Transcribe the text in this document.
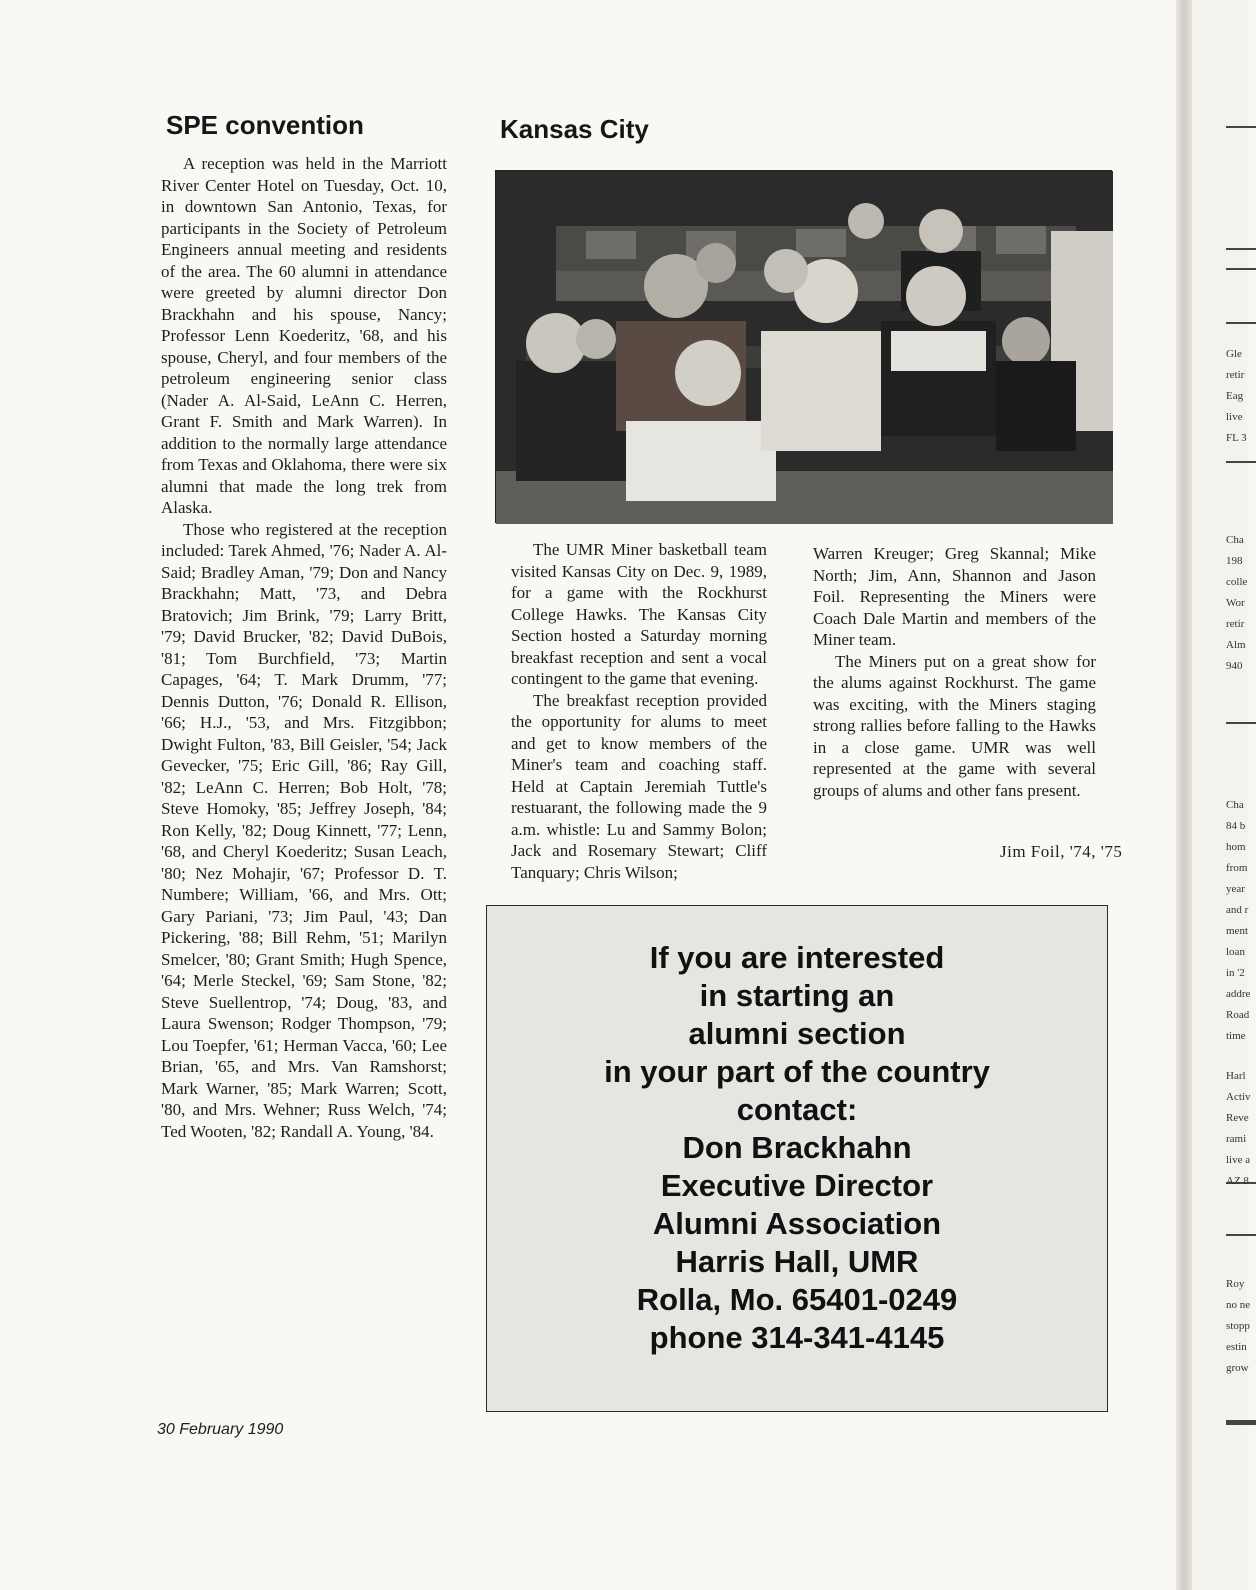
SPE convention

A reception was held in the Marriott River Center Hotel on Tuesday, Oct. 10, in downtown San Antonio, Texas, for participants in the Society of Petroleum Engineers annual meeting and residents of the area. The 60 alumni in attendance were greeted by alumni director Don Brackhahn and his spouse, Nancy; Professor Lenn Koederitz, '68, and his spouse, Cheryl, and four members of the petroleum engineering senior class (Nader A. Al-Said, LeAnn C. Herren, Grant F. Smith and Mark Warren). In addition to the normally large attendance from Texas and Oklahoma, there were six alumni that made the long trek from Alaska.

Those who registered at the reception included: Tarek Ahmed, '76; Nader A. Al-Said; Bradley Aman, '79; Don and Nancy Brackhahn; Matt, '73, and Debra Bratovich; Jim Brink, '79; Larry Britt, '79; David Brucker, '82; David DuBois, '81; Tom Burchfield, '73; Martin Capages, '64; T. Mark Drumm, '77; Dennis Dutton, '76; Donald R. Ellison, '66; H.J., '53, and Mrs. Fitzgibbon; Dwight Fulton, '83, Bill Geisler, '54; Jack Gevecker, '75; Eric Gill, '86; Ray Gill, '82; LeAnn C. Herren; Bob Holt, '78; Steve Homoky, '85; Jeffrey Joseph, '84; Ron Kelly, '82; Doug Kinnett, '77; Lenn, '68, and Cheryl Koederitz; Susan Leach, '80; Nez Mohajir, '67; Professor D. T. Numbere; William, '66, and Mrs. Ott; Gary Pariani, '73; Jim Paul, '43; Dan Pickering, '88; Bill Rehm, '51; Marilyn Smelcer, '80; Grant Smith; Hugh Spence, '64; Merle Steckel, '69; Sam Stone, '82; Steve Suellentrop, '74; Doug, '83, and Laura Swenson; Rodger Thompson, '79; Lou Toepfer, '61; Herman Vacca, '60; Lee Brian, '65, and Mrs. Van Ramshorst; Mark Warner, '85; Mark Warren; Scott, '80, and Mrs. Wehner; Russ Welch, '74; Ted Wooten, '82; Randall A. Young, '84.

Kansas City

The UMR Miner basketball team visited Kansas City on Dec. 9, 1989, for a game with the Rockhurst College Hawks. The Kansas City Section hosted a Saturday morning breakfast reception and sent a vocal contingent to the game that evening.

The breakfast reception provided the opportunity for alums to meet and get to know members of the Miner's team and coaching staff. Held at Captain Jeremiah Tuttle's restuarant, the following made the 9 a.m. whistle: Lu and Sammy Bolon; Jack and Rosemary Stewart; Cliff Tanquary; Chris Wilson;

Warren Kreuger; Greg Skannal; Mike North; Jim, Ann, Shannon and Jason Foil. Representing the Miners were Coach Dale Martin and members of the Miner team.

The Miners put on a great show for the alums against Rockhurst. The game was exciting, with the Miners staging strong rallies before falling to the Hawks in a close game. UMR was well represented at the game with several groups of alums and other fans present.

Jim Foil, '74, '75
If you are interested
in starting an
alumni section
in your part of the country
contact:
Don Brackhahn
Executive Director
Alumni Association
Harris Hall, UMR
Rolla, Mo. 65401-0249
phone 314-341-4145
30 February 1990
Gle
retir
Eag
live
FL 3
Cha
198
colle
Wor
retir
Alm
940
Cha
84 b
hom
from
year
and r
ment
loan
in '2
addre
Road
time
Harl
Activ
Reve
rami
live a
AZ 8
Roy
no ne
stopp
estin
grow
